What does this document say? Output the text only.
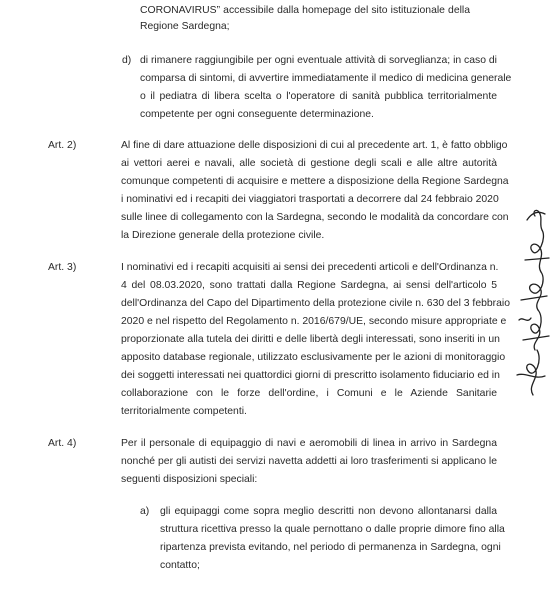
CORONAVIRUS” accessibile dalla homepage del sito istituzionale della
Regione Sardegna;
d) di rimanere raggiungibile per ogni eventuale attività di sorveglianza; in caso di
comparsa di sintomi, di avvertire immediatamente il medico di medicina generale
o il pediatra di libera scelta o l'operatore di sanità pubblica territorialmente
competente per ogni conseguente determinazione.
Art. 2)	Al fine di dare attuazione delle disposizioni di cui al precedente art. 1, è fatto obbligo
ai vettori aerei e navali, alle società di gestione degli scali e alle altre autorità
comunque competenti di acquisire e mettere a disposizione della Regione Sardegna
i nominativi ed i recapiti dei viaggiatori trasportati a decorrere dal 24 febbraio 2020
sulle linee di collegamento con la Sardegna, secondo le modalità da concordare con
la Direzione generale della protezione civile.
Art. 3)	I nominativi ed i recapiti acquisiti ai sensi dei precedenti articoli e dell'Ordinanza n.
4 del 08.03.2020, sono trattati dalla Regione Sardegna, ai sensi dell'articolo 5
dell'Ordinanza del Capo del Dipartimento della protezione civile n. 630 del 3 febbraio
2020 e nel rispetto del Regolamento n. 2016/679/UE, secondo misure appropriate e
proporzionate alla tutela dei diritti e delle libertà degli interessati, sono inseriti in un
apposito database regionale, utilizzato esclusivamente per le azioni di monitoraggio
dei soggetti interessati nei quattordici giorni di prescritto isolamento fiduciario ed in
collaborazione con le forze dell'ordine, i Comuni e le Aziende Sanitarie
territorialmente competenti.
Art. 4)	Per il personale di equipaggio di navi e aeromobili di linea in arrivo in Sardegna
nonché per gli autisti dei servizi navetta addetti ai loro trasferimenti si applicano le
seguenti disposizioni speciali:
a) gli equipaggi come sopra meglio descritti non devono allontanarsi dalla
struttura ricettiva presso la quale pernottano o dalle proprie dimore fino alla
ripartenza prevista evitando, nel periodo di permanenza in Sardegna, ogni
contatto;
